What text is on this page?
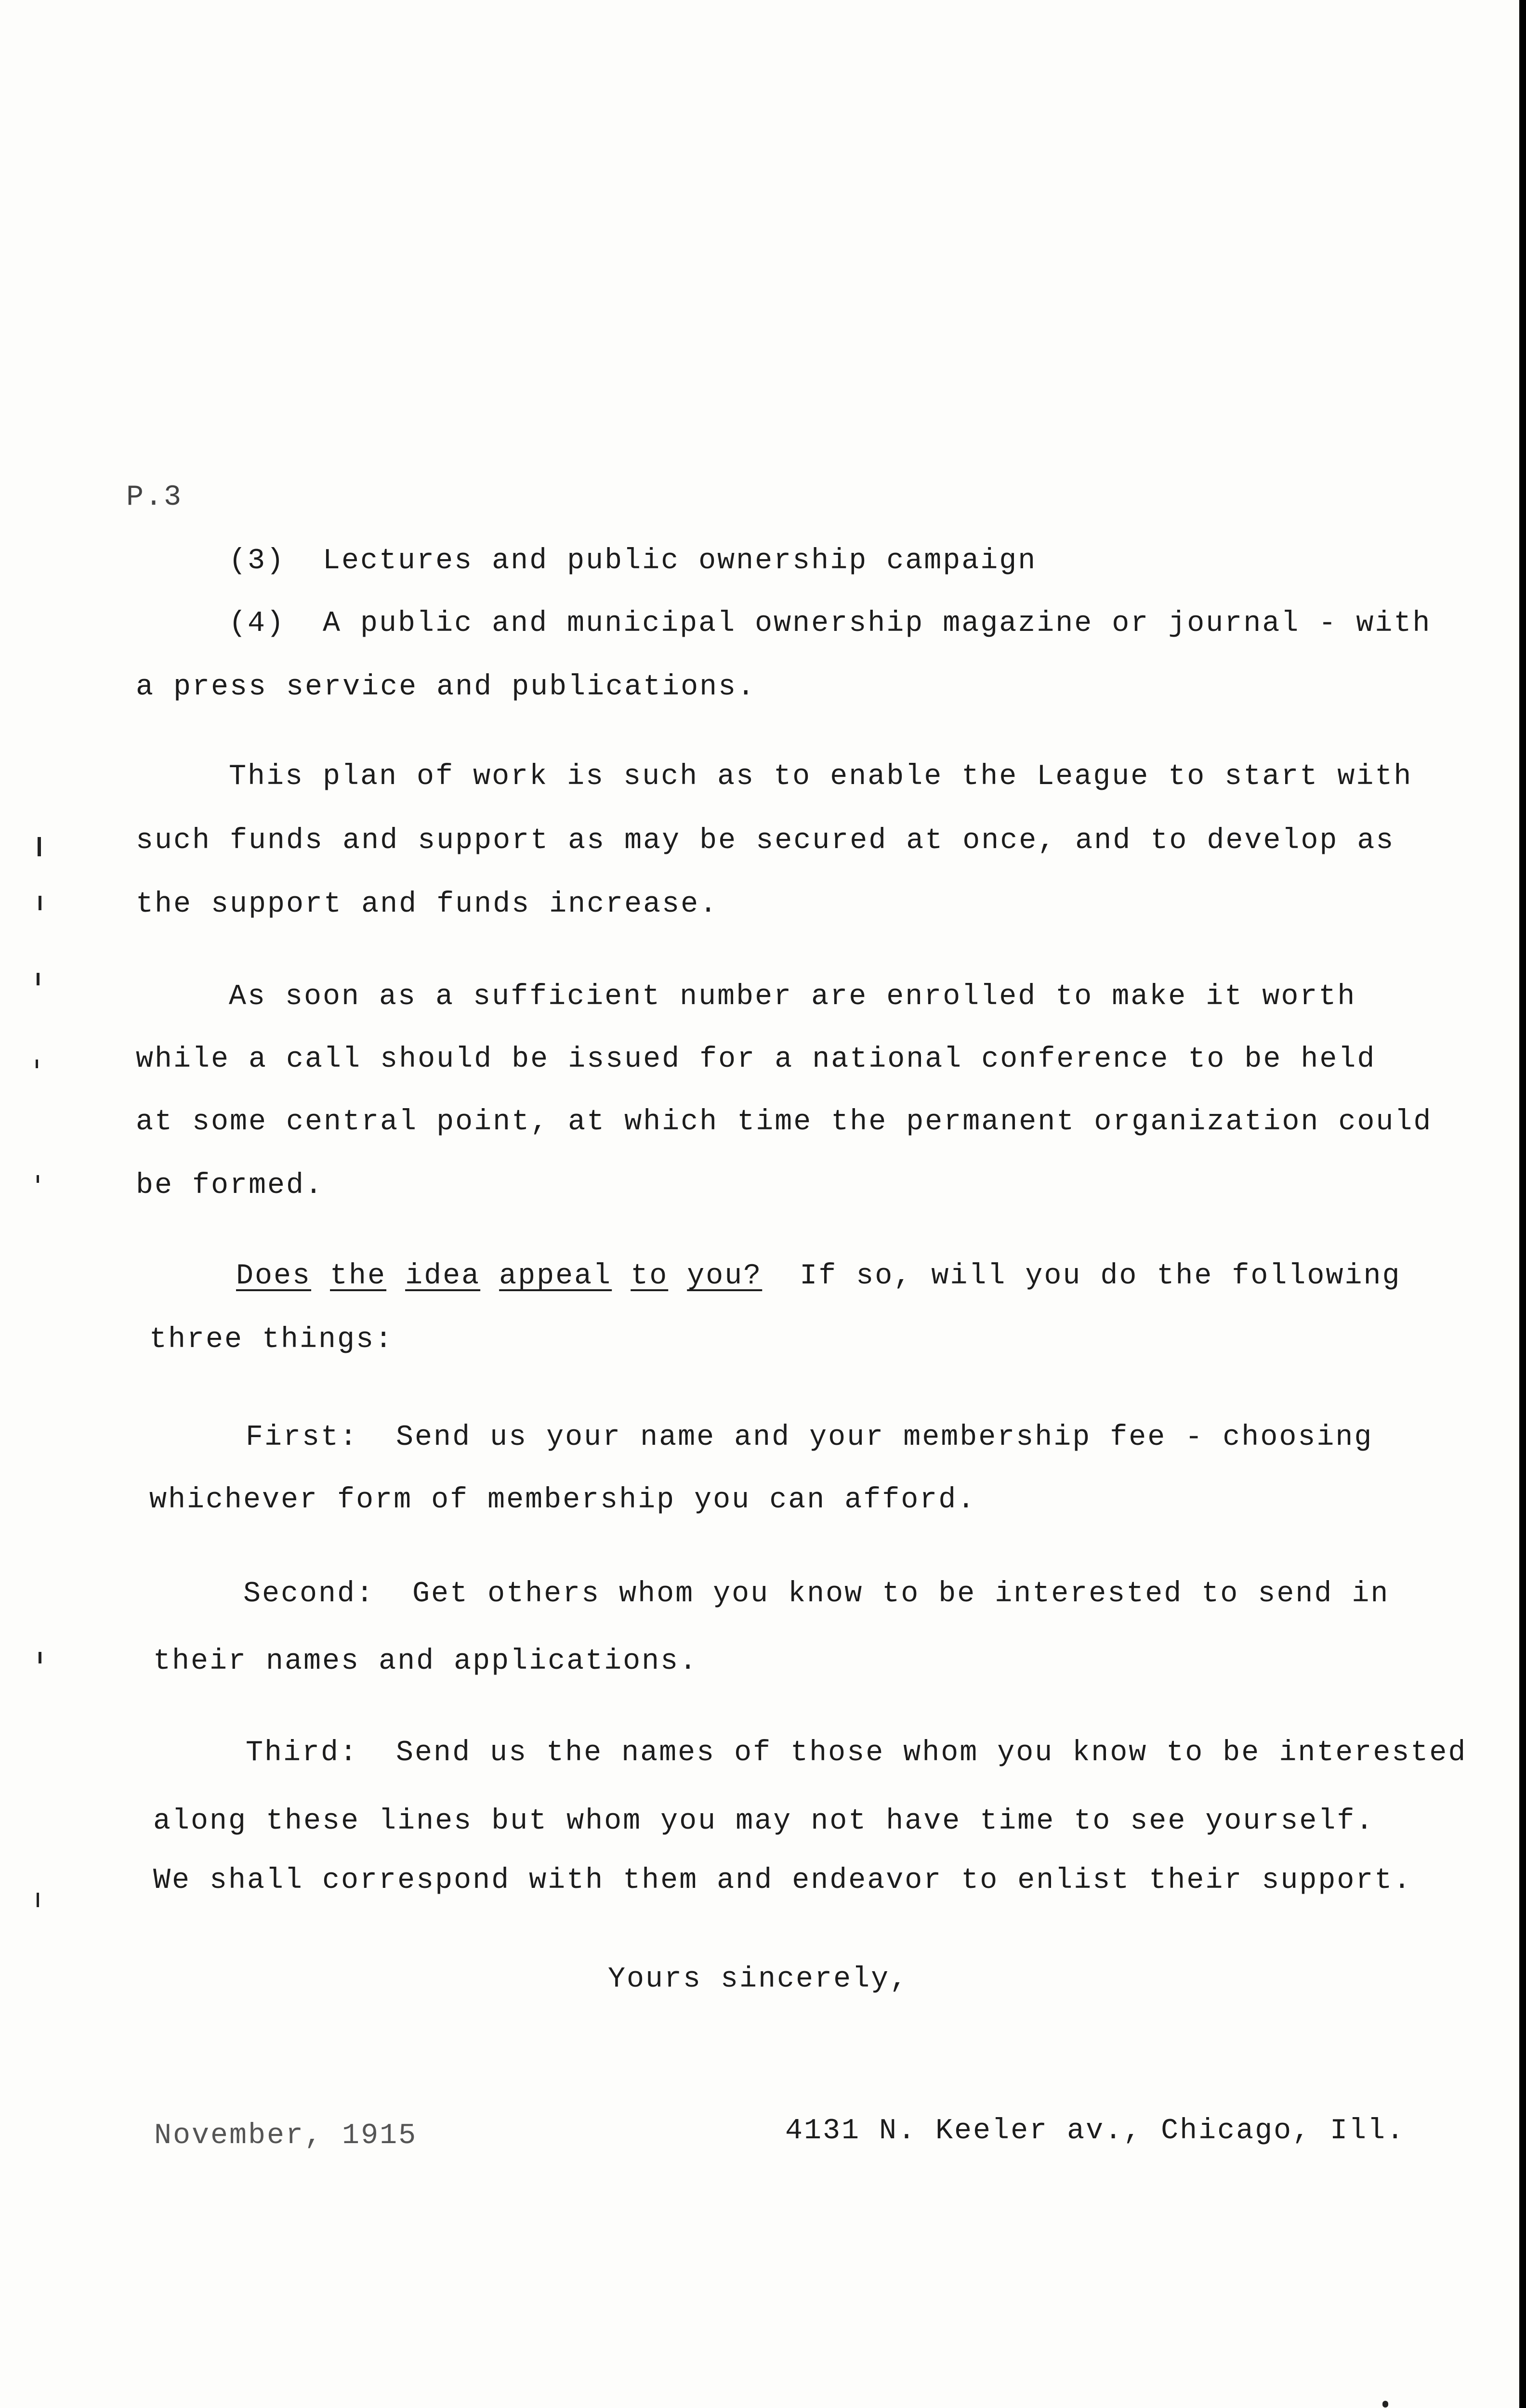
P.3
(3)  Lectures and public ownership campaign
(4)  A public and municipal ownership magazine or journal - with
a press service and publications.
This plan of work is such as to enable the League to start with
such funds and support as may be secured at once, and to develop as
the support and funds increase.
As soon as a sufficient number are enrolled to make it worth
while a call should be issued for a national conference to be held
at some central point, at which time the permanent organization could
be formed.
Does the idea appeal to you?  If so, will you do the following
three things:
First:  Send us your name and your membership fee - choosing
whichever form of membership you can afford.
Second:  Get others whom you know to be interested to send in
their names and applications.
Third:  Send us the names of those whom you know to be interested
along these lines but whom you may not have time to see yourself.
We shall correspond with them and endeavor to enlist their support.
Yours sincerely,
November, 1915	4131 N. Keeler av., Chicago, Ill.
